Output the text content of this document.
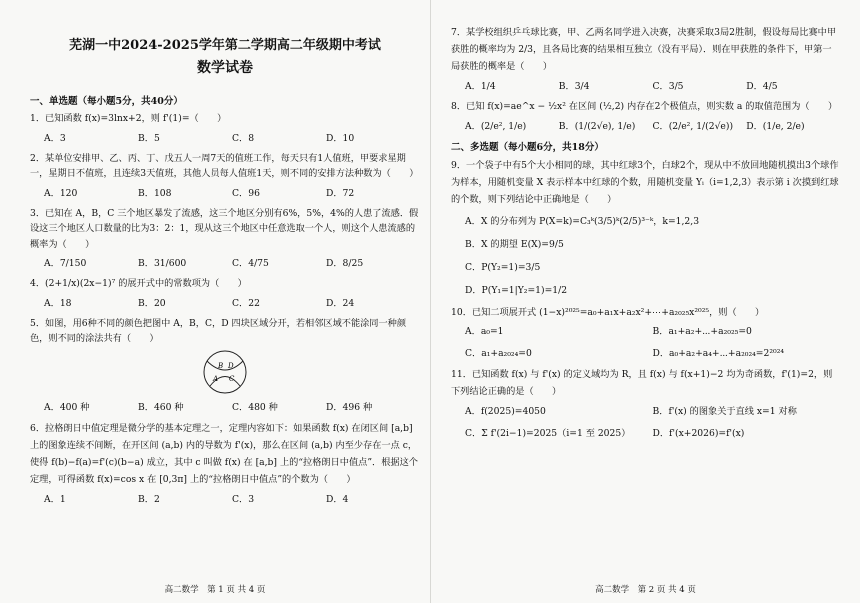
芜湖一中2024-2025学年第二学期高二年级期中考试
数学试卷
一、单选题（每小题5分，共40分）

1．已知函数 f(x)=3lnx+2，则 f'(1)=（　　）

A．3	B．5	C．8	D．10

2．某单位安排甲、乙、丙、丁、戊五人一周7天的值班工作，每天只有1人值班，甲要求星期一，星期日不值班，且连续3天值班，其他人员每人值班1天，则不同的安排方法种数为（　　）

A．120	B．108	C．96	D．72

3．已知在 A，B，C 三个地区暴发了流感，这三个地区分别有6%，5%，4%的人患了流感．假设这三个地区人口数量的比为3：2：1，现从这三个地区中任意选取一个人，则这个人患流感的概率为（　　）

A．7/150	B．31/600	C．4/75	D．8/25

4．(2+1/x)(2x−1)⁷ 的展开式中的常数项为（　　）

A．18	B．20	C．22	D．24

5．如图，用6种不同的颜色把图中 A，B，C，D 四块区域分开，若相邻区域不能涂同一种颜色，则不同的涂法共有（　　）

B D
A C
A．400 种	B．460 种	C．480 种	D．496 种

6．拉格朗日中值定理是微分学的基本定理之一，定理内容如下：如果函数 f(x) 在闭区间 [a,b] 上的图象连续不间断，在开区间 (a,b) 内的导数为 f'(x)，那么在区间 (a,b) 内至少存在一点 c，使得 f(b)−f(a)=f'(c)(b−a) 成立，其中 c 叫做 f(x) 在 [a,b] 上的“拉格朗日中值点”．根据这个定理，可得函数 f(x)=cos x 在 [0,3π] 上的“拉格朗日中值点”的个数为（　　）

A．1	B．2	C．3	D．4
高二数学　第 1 页 共 4 页

7．某学校组织乒乓球比赛，甲、乙两名同学进入决赛，决赛采取3局2胜制，假设每局比赛中甲获胜的概率均为 2/3，且各局比赛的结果相互独立（没有平局）．则在甲获胜的条件下，甲第一局获胜的概率是（　　）

A．1/4	B．3/4	C．3/5	D．4/5

8．已知 f(x)=ae^x − ½x² 在区间 (½,2) 内存在2个极值点，则实数 a 的取值范围为（　　）

A．(2/e², 1/e)	B．(1/(2√e), 1/e)	C．(2/e², 1/(2√e))	D．(1/e, 2/e)
二、多选题（每小题6分，共18分）

9．一个袋子中有5个大小相同的球，其中红球3个，白球2个，现从中不放回地随机摸出3个球作为样本，用随机变量 X 表示样本中红球的个数，用随机变量 Yᵢ（i=1,2,3）表示第 i 次摸到红球的个数，则下列结论中正确地是（　　）

A．X 的分布列为 P(X=k)=C₃ᵏ(3/5)ᵏ(2/5)³⁻ᵏ，k=1,2,3
B．X 的期望 E(X)=9/5
C．P(Y₂=1)=3/5
D．P(Y₁=1|Y₂=1)=1/2

10．已知二项展开式 (1−x)²⁰²⁵=a₀+a₁x+a₂x²+⋯+a₂₀₂₅x²⁰²⁵，则（　　）

A．a₀=1	B．a₁+a₂+⋯+a₂₀₂₅=0
C．a₁+a₂₀₂₄=0	D．a₀+a₂+a₄+⋯+a₂₀₂₄=2²⁰²⁴

11．已知函数 f(x) 与 f'(x) 的定义域均为 R，且 f(x) 与 f(x+1)−2 均为奇函数，f'(1)=2，则下列结论正确的是（　　）

A．f(2025)=4050	B．f'(x) 的图象关于直线 x=1 对称
C．Σ f'(2i−1)=2025（i=1 至 2025）	D．f'(x+2026)=f'(x)
高二数学　第 2 页 共 4 页
